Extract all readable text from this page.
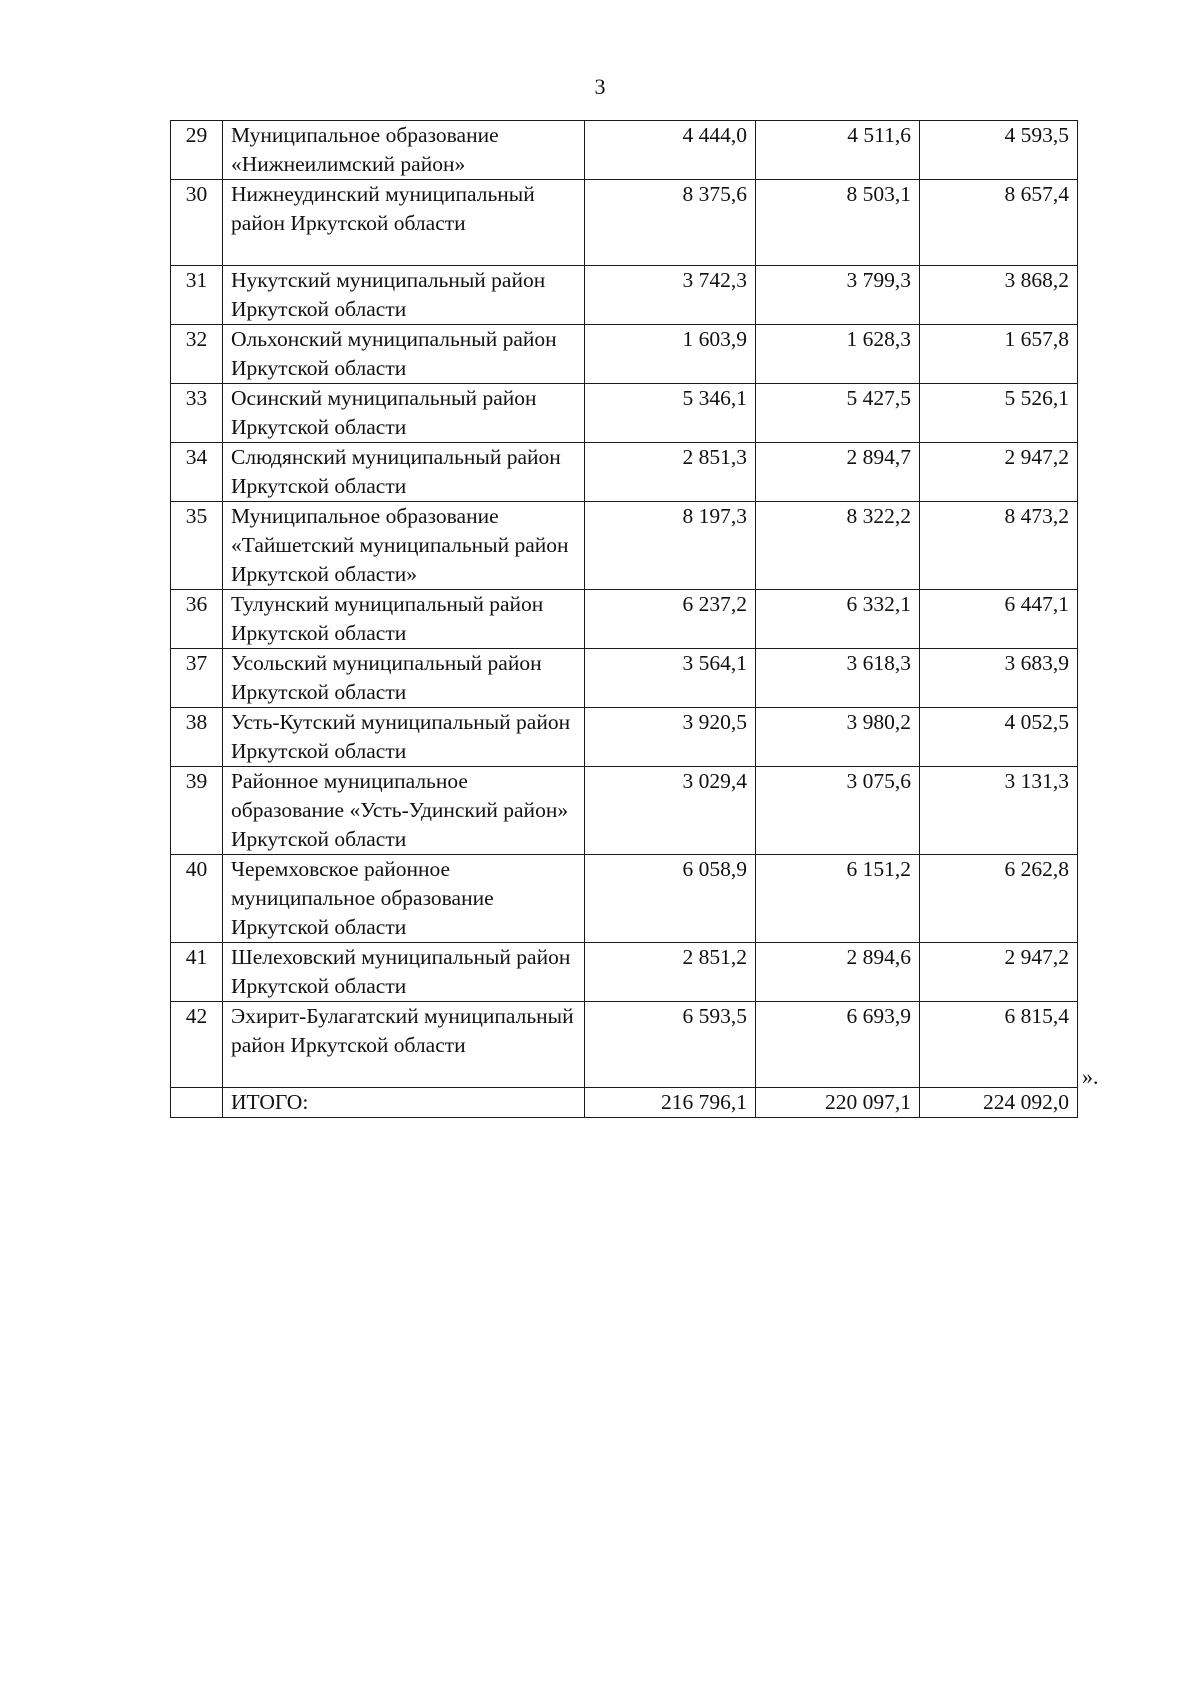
3
29	Муниципальное образование «Нижнеилимский район»	4 444,0	4 511,6	4 593,5
30	Нижнеудинский муниципальный район Иркутской области	8 375,6	8 503,1	8 657,4
31	Нукутский муниципальный район Иркутской области	3 742,3	3 799,3	3 868,2
32	Ольхонский муниципальный район Иркутской области	1 603,9	1 628,3	1 657,8
33	Осинский муниципальный район Иркутской области	5 346,1	5 427,5	5 526,1
34	Слюдянский муниципальный район Иркутской области	2 851,3	2 894,7	2 947,2
35	Муниципальное образование «Тайшетский муниципальный район Иркутской области»	8 197,3	8 322,2	8 473,2
36	Тулунский муниципальный район Иркутской области	6 237,2	6 332,1	6 447,1
37	Усольский муниципальный район Иркутской области	3 564,1	3 618,3	3 683,9
38	Усть-Кутский муниципальный район Иркутской области	3 920,5	3 980,2	4 052,5
39	Районное муниципальное образование «Усть-Удинский район» Иркутской области	3 029,4	3 075,6	3 131,3
40	Черемховское районное муниципальное образование Иркутской области	6 058,9	6 151,2	6 262,8
41	Шелеховский муниципальный район Иркутской области	2 851,2	2 894,6	2 947,2
42	Эхирит-Булагатский муниципальный район Иркутской области	6 593,5	6 693,9	6 815,4
	ИТОГО:	216 796,1	220 097,1	224 092,0
».
